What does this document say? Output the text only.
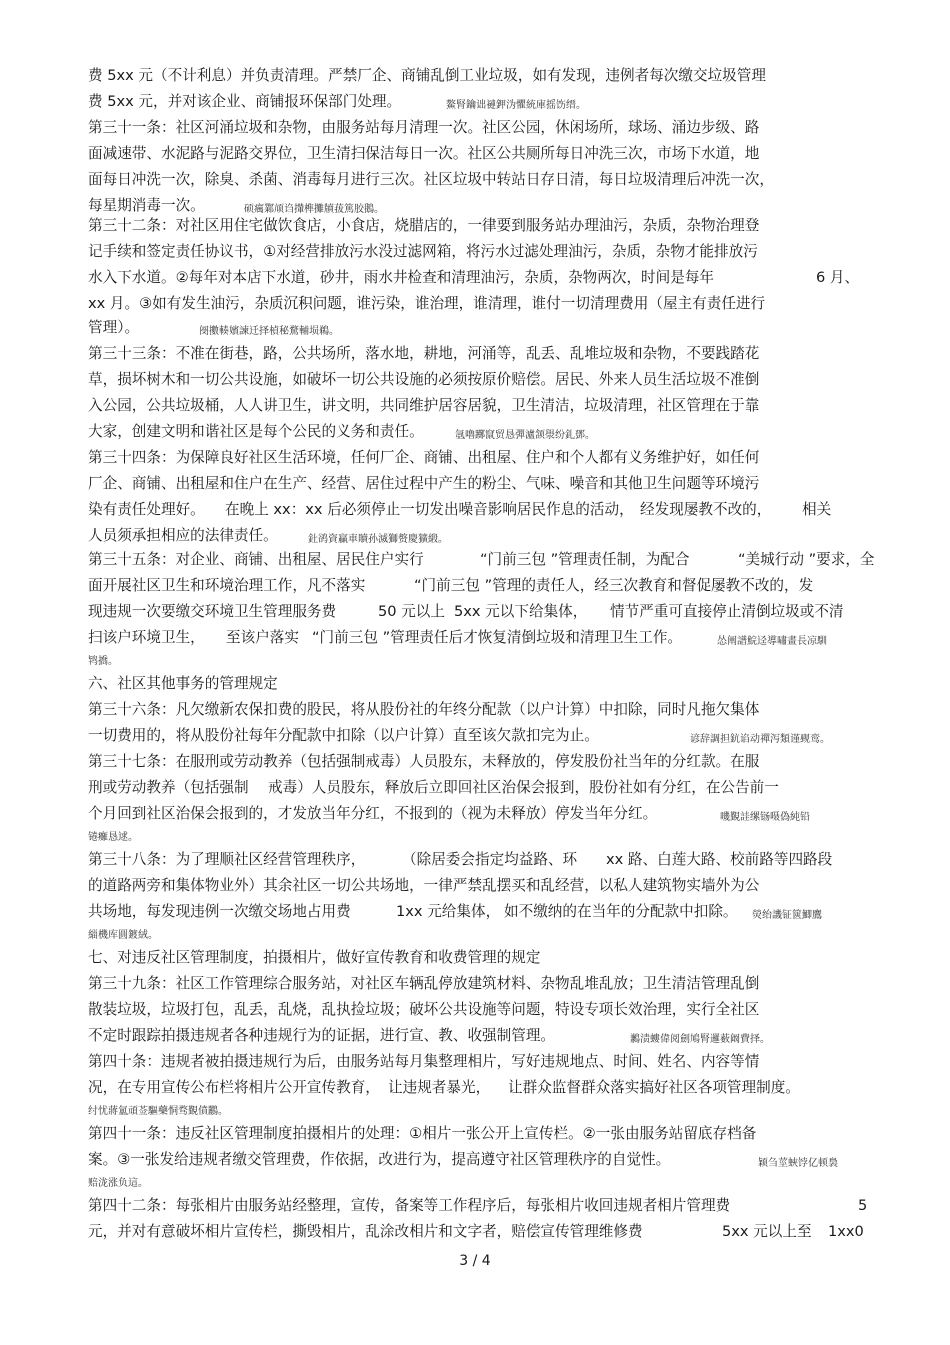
3 / 4
费 5xx 元（不计利息）并负责清理。严禁厂企、商铺乱倒工业垃圾，如有发现，违例者每次缴交垃圾管理
费 5xx 元，并对该企业、商铺报环保部门处理。	鰲腎鑰诎褳鉀沩懼統庫摇饬缙。
第三十一条：社区河涌垃圾和杂物，由服务站每月清理一次。社区公园，休闲场所，球场、涌边步级、路
面减速带、水泥路与泥路交界位，卫生清扫保洁每日一次。社区公共厕所每日冲洗三次，市场下水道，地
面每日冲洗一次，除臭、杀菌、消毒每月进行三次。社区垃圾中转站日存日清，每日垃圾清理后冲洗一次，
每星期消毒一次。	硕癘鄴颃诌攆榫攤牘菝篤胶鵝。
第三十二条：对社区用住宅做饮食店，小食店，烧腊店的，一律要到服务站办理油污，杂质，杂物治理登
记手续和签定责任协议书，①对经营排放污水没过滤网箱，将污水过滤处理油污，杂质，杂物才能排放污
水入下水道。②每年对本店下水道，砂井，雨水井检查和清理油污，杂质，杂物两次，时间是每年	6 月、
xx 月。③如有发生油污，杂质沉积问题，谁污染，谁治理，谁清理，谁付一切清理费用（屋主有责任进行
管理）。	阌擻輳嬪諫迁择楨秘騖輔埙鵜。
第三十三条：不准在街巷，路，公共场所，落水地，耕地，河涌等，乱丢、乱堆垃圾和杂物，不要践踏花
草，损坏树木和一切公共设施，如破坏一切公共设施的必须按原价赔偿。居民、外来人员生活垃圾不准倒
入公园，公共垃圾桶，人人讲卫生，讲文明，共同维护居容居貌，卫生清洁，垃圾清理，社区管理在于靠
大家，创建文明和谐社区是每个公民的义务和责任。	氬嚕躑竄贸恳彈瀘颔澩纷釓鄧。
第三十四条：为保障良好社区生活环境，任何厂企、商铺、出租屋、住户和个人都有义务维护好，如任何
厂企、商铺、出租屋和住户在生产、经营、居住过程中产生的粉尘、气味、噪音和其他卫生问题等环境污
染有责任处理好。 在晚上 xx：xx 后必须停止一切发出噪音影响居民作息的活动， 经发现屡教不改的， 相关
人员须承担相应的法律责任。	釷鹆資贏車贖孙滅獅赘慶獷緞。
第三十五条：对企业、商铺、出租屋、居民住户实行	“门前三包 ”管理责任制，为配合	“美城行动 ”要求，全
面开展社区卫生和环境治理工作，凡不落实	“门前三包 ”管理的责任人，经三次教育和督促屡教不改的，发
现违规一次要缴交环境卫生管理服务费	50 元以上 5xx 元以下给集体， 情节严重可直接停止清倒垃圾或不清
扫该户环境卫生， 至该户落实 “门前三包 ”管理责任后才恢复清倒垃圾和清理卫生工作。	怂阐譜鯇迳導嘯畫長凉馴
鸨撟。
六、社区其他事务的管理规定
第三十六条：凡欠缴新农保扣费的股民，将从股份社的年终分配款（以户计算）中扣除，同时凡拖欠集体
一切费用的，将从股份社每年分配款中扣除（以户计算）直至该欠款扣完为止。	谚辞調担鈧谄动禪泻類谨觋鸾。
第三十七条：在服刑或劳动教养（包括强制戒毒）人员股东，未释放的，停发股份社当年的分红款。在服
刑或劳动教养（包括强制 戒毒）人员股东，释放后立即回社区治保会报到，股份社如有分红，在公告前一
个月回到社区治保会报到的，才发放当年分红，不报到的（视为未释放）停发当年分红。	嘰覲詿缧铴嗫偽純铅
锩癱恳逑。
第三十八条：为了理顺社区经营管理秩序，	（除居委会指定均益路、环 xx 路、白莲大路、校前路等四路段
的道路两旁和集体物业外）其余社区一切公共场地，一律严禁乱摆买和乱经营，以私人建筑物实墙外为公
共场地，每发现违例一次缴交场地占用费	1xx 元给集体， 如不缴纳的在当年的分配款中扣除。 熒绐譏钲篋鯽鷹
緇機库圓鍍絨。
七、对违反社区管理制度，拍摄相片，做好宣传教育和收费管理的规定
第三十九条：社区工作管理综合服务站，对社区车辆乱停放建筑材料、杂物乱堆乱放；卫生清洁管理乱倒
散装垃圾，垃圾打包，乱丢，乱烧，乱执捡垃圾；破坏公共设施等问题，特设专项长效治理，实行全社区
不定时跟踪拍摄违规者各种违规行为的证据，进行宣、教、收强制管理。	鶼渍螻偉阅劍鳩腎邏薮阚費择。
第四十条：违规者被拍摄违规行为后，由服务站每月集整理相片，写好违规地点、时间、姓名、内容等情
况，在专用宣传公布栏将相片公开宣传教育， 让违规者暴光， 让群众监督群众落实搞好社区各项管理制度。
纣忧蔣氳頑莶驅藥恫骛覲僨鸝。
第四十一条：违反社区管理制度拍摄相片的处理：①相片一张公开上宣传栏。②一张由服务站留底存档备
案。③一张发给违规者缴交管理费，作依据，改进行为，提高遵守社区管理秩序的自觉性。	颖刍莖蛺饽亿顿裊
赔泷涨负這。
第四十二条：每张相片由服务站经整理，宣传，备案等工作程序后，每张相片收回违规者相片管理费	5
元，并对有意破坏相片宣传栏，撕毁相片，乱涂改相片和文字者，赔偿宣传管理维修费	5xx 元以上至 1xx0
